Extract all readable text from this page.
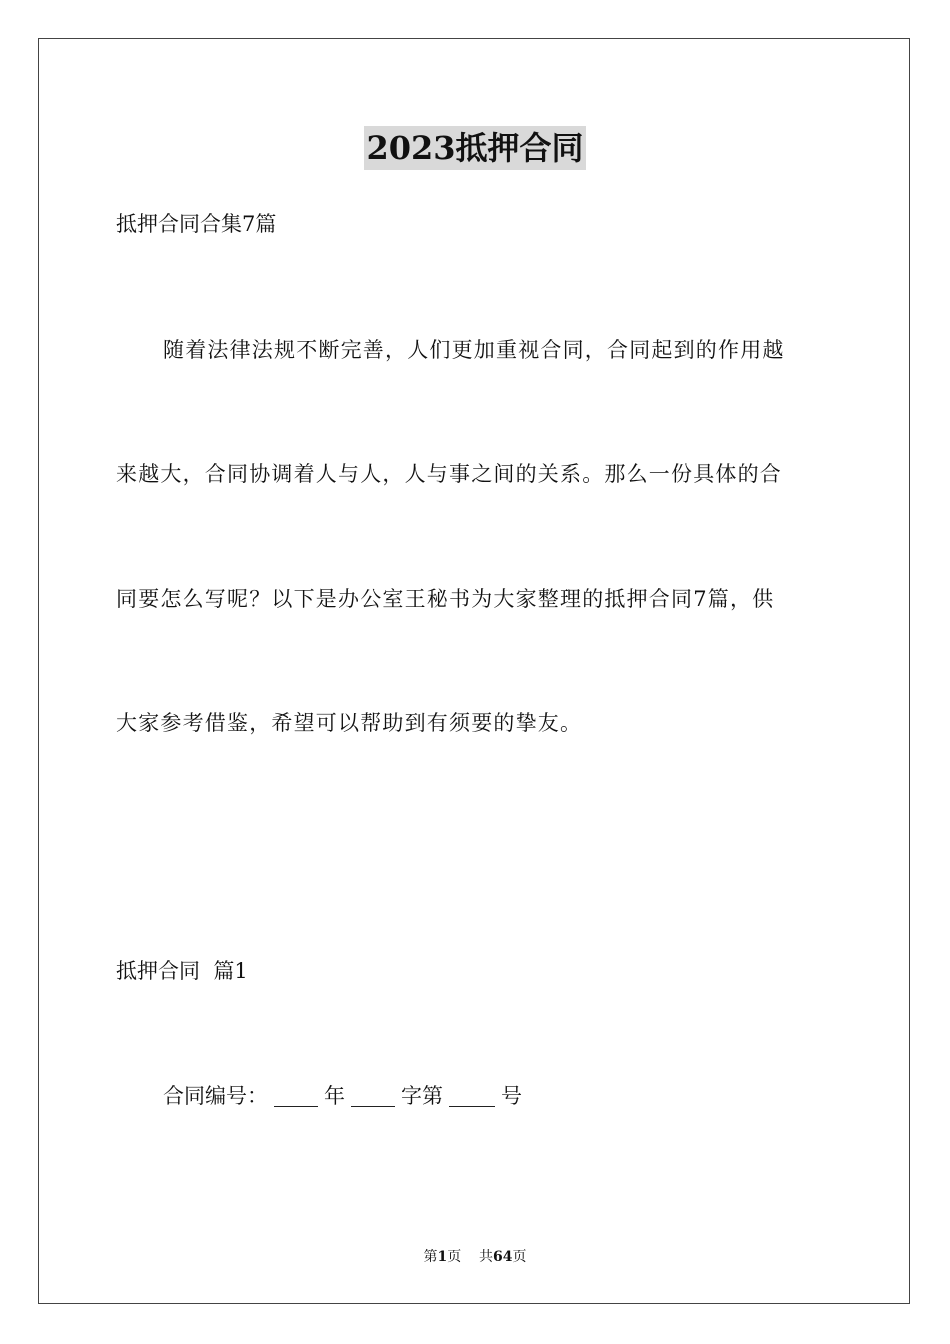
2023抵押合同
抵押合同合集7篇
随着法律法规不断完善，人们更加重视合同，合同起到的作用越
来越大，合同协调着人与人，人与事之间的关系。那么一份具体的合
同要怎么写呢？以下是办公室王秘书为大家整理的抵押合同7篇，供
大家参考借鉴，希望可以帮助到有须要的挚友。
抵押合同  篇1
合同编号：	年	字第	号
第1页    共64页
